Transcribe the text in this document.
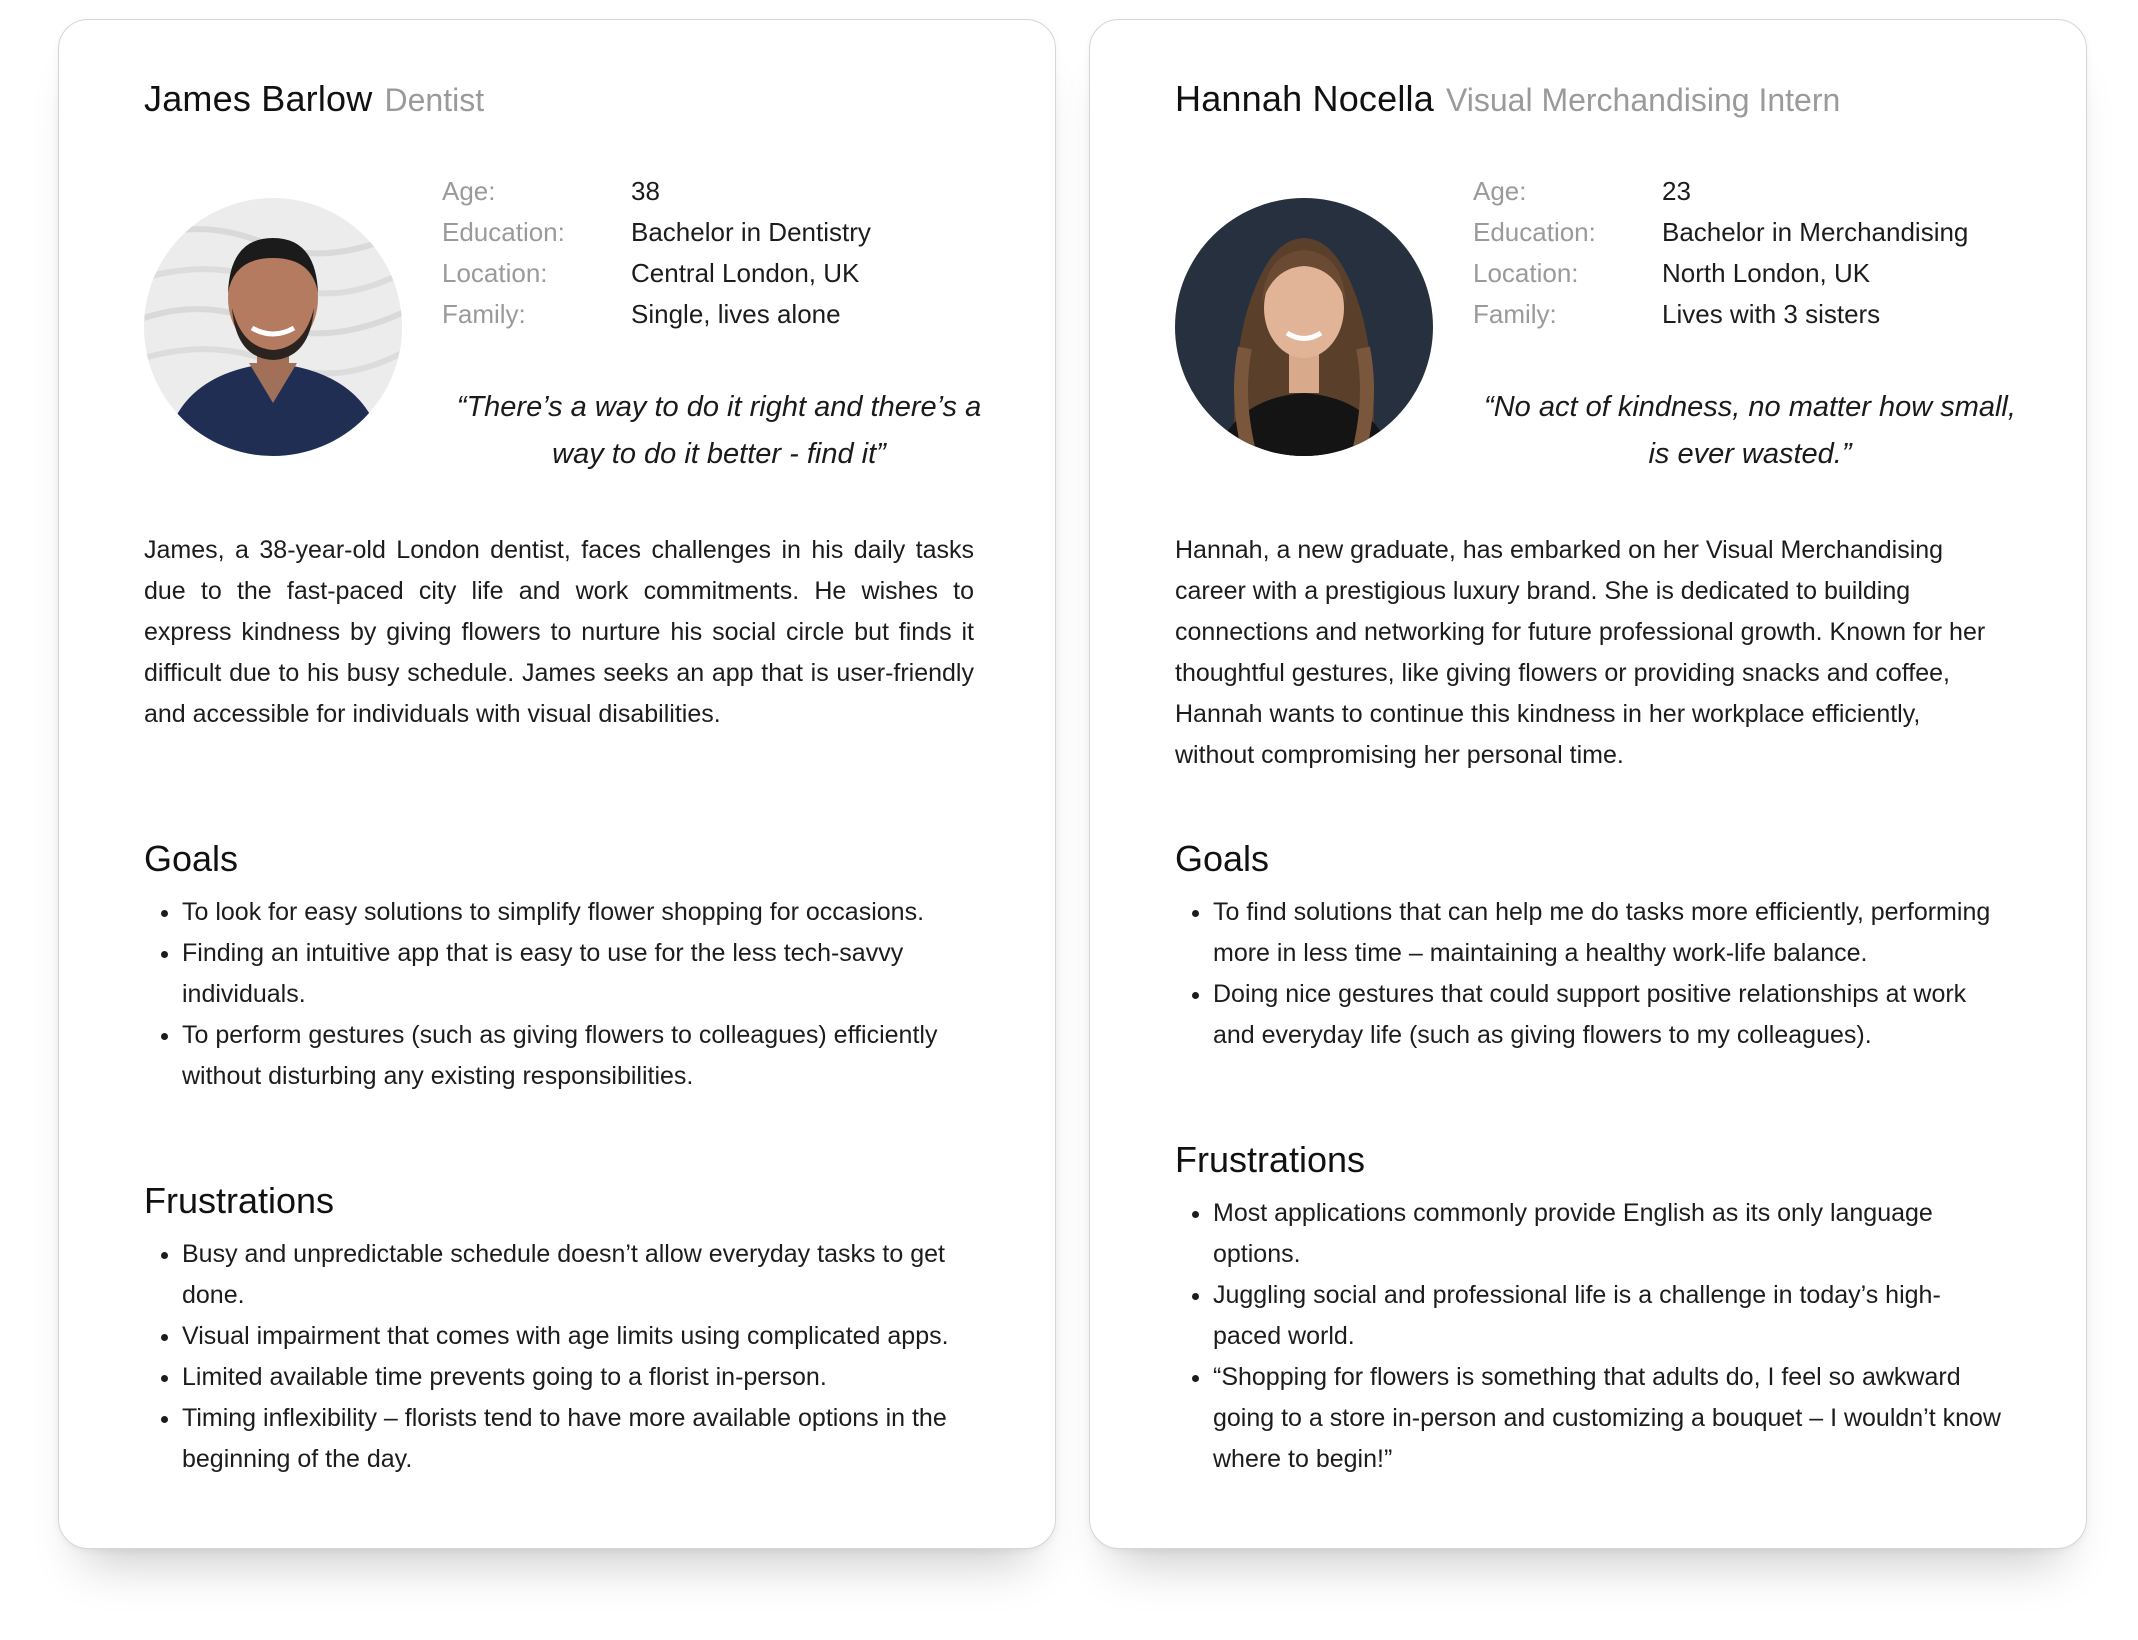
James Barlow Dentist
Age:	38
Education:	Bachelor in Dentistry
Location:	Central London, UK
Family:	Single, lives alone
“There’s a way to do it right and there’s a way to do it better - find it”
James, a 38-year-old London dentist, faces challenges in his daily tasks due to the fast-paced city life and work commitments. He wishes to express kindness by giving flowers to nurture his social circle but finds it difficult due to his busy schedule. James seeks an app that is user-friendly and accessible for individuals with visual disabilities.
Goals
• To look for easy solutions to simplify flower shopping for occasions.
• Finding an intuitive app that is easy to use for the less tech-savvy individuals.
• To perform gestures (such as giving flowers to colleagues) efficiently without disturbing any existing responsibilities.
Frustrations
• Busy and unpredictable schedule doesn’t allow everyday tasks to get done.
• Visual impairment that comes with age limits using complicated apps.
• Limited available time prevents going to a florist in-person.
• Timing inflexibility – florists tend to have more available options in the beginning of the day.
Hannah Nocella Visual Merchandising Intern
Age:	23
Education:	Bachelor in Merchandising
Location:	North London, UK
Family:	Lives with 3 sisters
“No act of kindness, no matter how small, is ever wasted.”
Hannah, a new graduate, has embarked on her Visual Merchandising career with a prestigious luxury brand. She is dedicated to building connections and networking for future professional growth. Known for her thoughtful gestures, like giving flowers or providing snacks and coffee, Hannah wants to continue this kindness in her workplace efficiently, without compromising her personal time.
Goals
• To find solutions that can help me do tasks more efficiently, performing more in less time – maintaining a healthy work-life balance.
• Doing nice gestures that could support positive relationships at work and everyday life (such as giving flowers to my colleagues).
Frustrations
• Most applications commonly provide English as its only language options.
• Juggling social and professional life is a challenge in today’s high-paced world.
• “Shopping for flowers is something that adults do, I feel so awkward going to a store in-person and customizing a bouquet – I wouldn’t know where to begin!”
